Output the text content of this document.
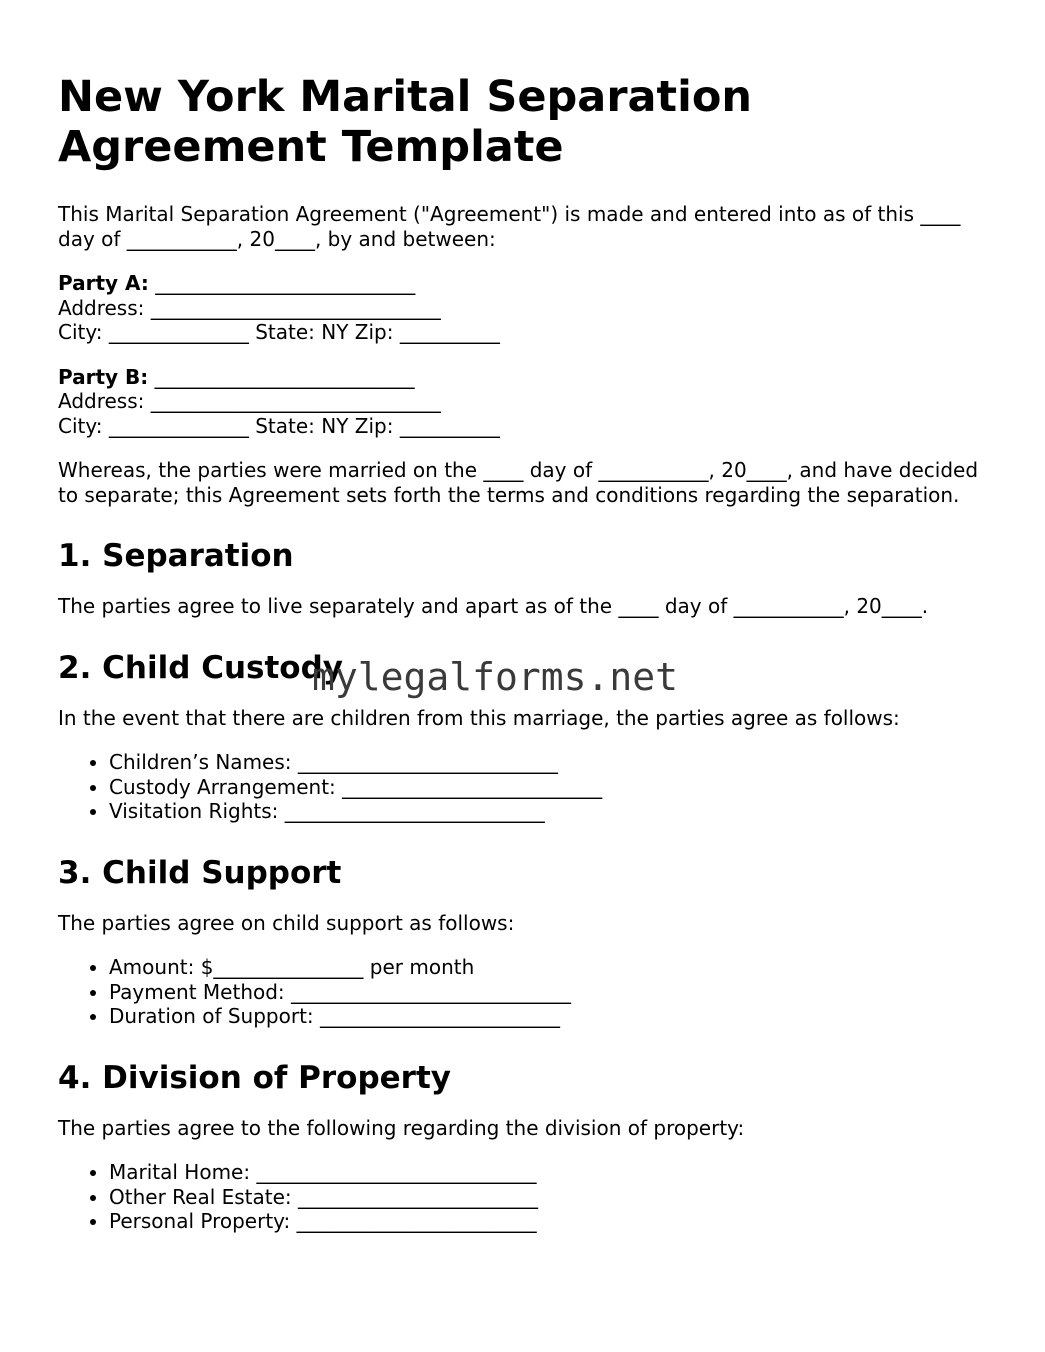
New York Marital Separation Agreement Template

This Marital Separation Agreement ("Agreement") is made and entered into as of this ____ day of ___________, 20____, by and between:

Party A: __________________________
Address: _____________________________
City: ______________ State: NY Zip: __________

Party B: __________________________
Address: _____________________________
City: ______________ State: NY Zip: __________

Whereas, the parties were married on the ____ day of ___________, 20____, and have decided to separate; this Agreement sets forth the terms and conditions regarding the separation.

1. Separation

The parties agree to live separately and apart as of the ____ day of ___________, 20____.

2. Child Custody

In the event that there are children from this marriage, the parties agree as follows:

• Children’s Names: __________________________
• Custody Arrangement: __________________________
• Visitation Rights: __________________________
3. Child Support

The parties agree on child support as follows:

• Amount: $_______________ per month
• Payment Method: ____________________________
• Duration of Support: ________________________
4. Division of Property

The parties agree to the following regarding the division of property:

• Marital Home: ____________________________
• Other Real Estate: ________________________
• Personal Property: ________________________
mylegalforms.net
